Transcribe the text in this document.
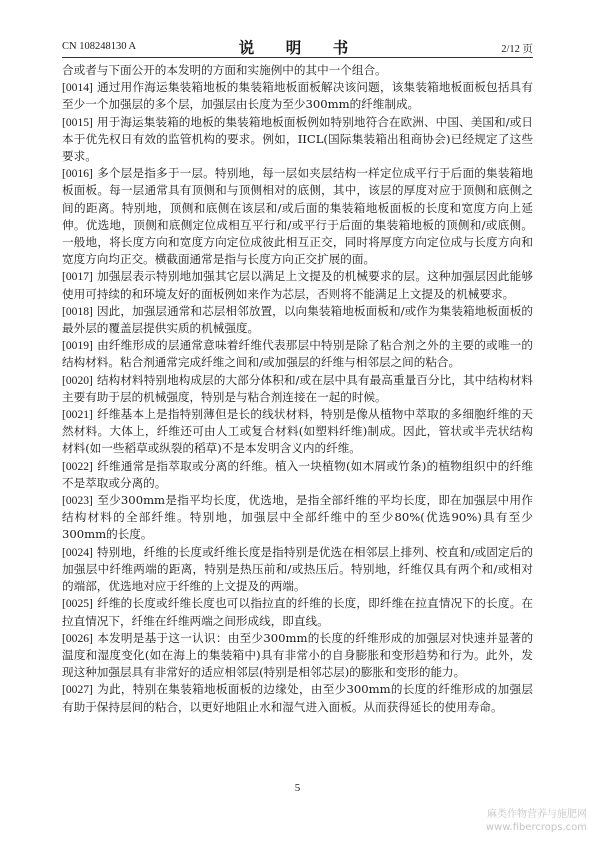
CN 108248130 A	说　明　书	2/12 页

合或者与下面公开的本发明的方面和实施例中的其中一个组合。

[0014] 通过用作海运集装箱地板的集装箱地板面板解决该问题，该集装箱地板面板包括具有至少一个加强层的多个层，加强层由长度为至少300mm的纤维制成。

[0015] 用于海运集装箱的地板的集装箱地板面板例如特别地符合在欧洲、中国、美国和/或日本于优先权日有效的监管机构的要求。例如，IICL(国际集装箱出租商协会)已经规定了这些要求。

[0016] 多个层是指多于一层。特别地，每一层如夹层结构一样定位成平行于后面的集装箱地板面板。每一层通常具有顶侧和与顶侧相对的底侧，其中，该层的厚度对应于顶侧和底侧之间的距离。特别地，顶侧和底侧在该层和/或后面的集装箱地板面板的长度和宽度方向上延伸。优选地，顶侧和底侧定位成相互平行和/或平行于后面的集装箱地板的顶侧和/或底侧。一般地，将长度方向和宽度方向定位成彼此相互正交，同时将厚度方向定位成与长度方向和宽度方向均正交。横截面通常是指与长度方向正交扩展的面。

[0017] 加强层表示特别地加强其它层以满足上文提及的机械要求的层。这种加强层因此能够使用可持续的和环境友好的面板例如来作为芯层，否则将不能满足上文提及的机械要求。

[0018] 因此，加强层通常和芯层相邻放置，以向集装箱地板面板和/或作为集装箱地板面板的最外层的覆盖层提供实质的机械强度。

[0019] 由纤维形成的层通常意味着纤维代表那层中特别是除了粘合剂之外的主要的或唯一的结构材料。粘合剂通常完成纤维之间和/或加强层的纤维与相邻层之间的粘合。

[0020] 结构材料特别地构成层的大部分体积和/或在层中具有最高重量百分比，其中结构材料主要有助于层的机械强度，特别是与粘合剂连接在一起的时候。

[0021] 纤维基本上是指特别薄但是长的线状材料，特别是像从植物中萃取的多细胞纤维的天然材料。大体上，纤维还可由人工或复合材料(如塑料纤维)制成。因此，管状或半壳状结构材料(如一些稻草或纵裂的稻草)不是本发明含义内的纤维。

[0022] 纤维通常是指萃取或分离的纤维。植入一块植物(如木屑或竹条)的植物组织中的纤维不是萃取或分离的。

[0023] 至少300mm是指平均长度，优选地，是指全部纤维的平均长度，即在加强层中用作结构材料的全部纤维。特别地，加强层中全部纤维中的至少80%(优选90%)具有至少300mm的长度。

[0024] 特别地，纤维的长度或纤维长度是指特别是优选在相邻层上排列、校直和/或固定后的加强层中纤维两端的距离，特别是热压前和/或热压后。特别地，纤维仅具有两个和/或相对的端部，优选地对应于纤维的上文提及的两端。

[0025] 纤维的长度或纤维长度也可以指拉直的纤维的长度，即纤维在拉直情况下的长度。在拉直情况下，纤维在纤维两端之间形成线，即直线。

[0026] 本发明是基于这一认识：由至少300mm的长度的纤维形成的加强层对快速并显著的温度和湿度变化(如在海上的集装箱中)具有非常小的自身膨胀和变形趋势和行为。此外，发现这种加强层具有非常好的适应相邻层(特别是相邻芯层)的膨胀和变形的能力。

[0027] 为此，特别在集装箱地板面板的边缘处，由至少300mm的长度的纤维形成的加强层有助于保持层间的粘合，以更好地阻止水和湿气进入面板。从而获得延长的使用寿命。

5
麻类作物营养与施肥网
www.fibercrops.com
